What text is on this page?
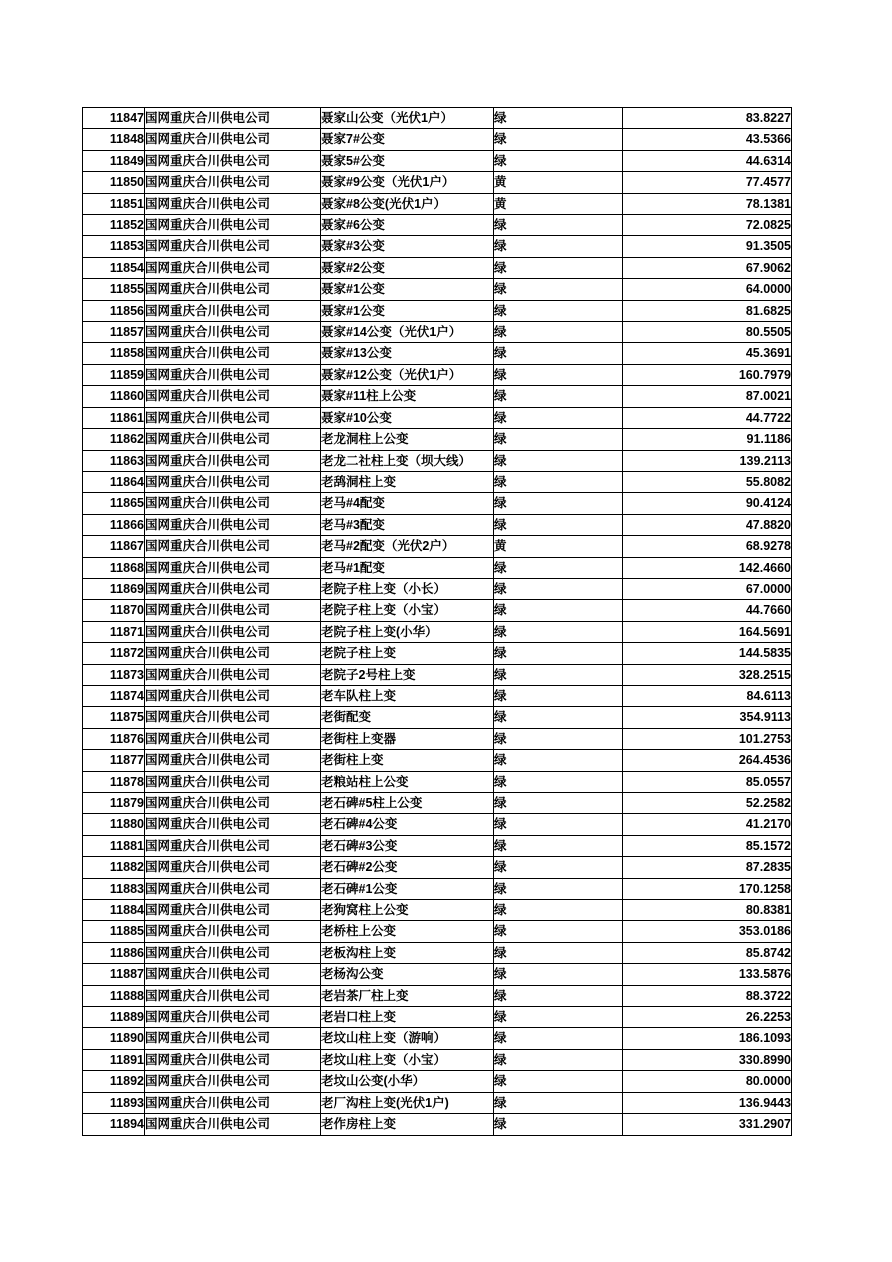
11847	国网重庆合川供电公司	聂家山公变（光伏1户）	绿	83.8227
11848	国网重庆合川供电公司	聂家7#公变	绿	43.5366
11849	国网重庆合川供电公司	聂家5#公变	绿	44.6314
11850	国网重庆合川供电公司	聂家#9公变（光伏1户）	黄	77.4577
11851	国网重庆合川供电公司	聂家#8公变(光伏1户）	黄	78.1381
11852	国网重庆合川供电公司	聂家#6公变	绿	72.0825
11853	国网重庆合川供电公司	聂家#3公变	绿	91.3505
11854	国网重庆合川供电公司	聂家#2公变	绿	67.9062
11855	国网重庆合川供电公司	聂家#1公变	绿	64.0000
11856	国网重庆合川供电公司	聂家#1公变	绿	81.6825
11857	国网重庆合川供电公司	聂家#14公变（光伏1户）	绿	80.5505
11858	国网重庆合川供电公司	聂家#13公变	绿	45.3691
11859	国网重庆合川供电公司	聂家#12公变（光伏1户）	绿	160.7979
11860	国网重庆合川供电公司	聂家#11柱上公变	绿	87.0021
11861	国网重庆合川供电公司	聂家#10公变	绿	44.7722
11862	国网重庆合川供电公司	老龙洞柱上公变	绿	91.1186
11863	国网重庆合川供电公司	老龙二社柱上变（坝大线）	绿	139.2113
11864	国网重庆合川供电公司	老鸹洞柱上变	绿	55.8082
11865	国网重庆合川供电公司	老马#4配变	绿	90.4124
11866	国网重庆合川供电公司	老马#3配变	绿	47.8820
11867	国网重庆合川供电公司	老马#2配变（光伏2户）	黄	68.9278
11868	国网重庆合川供电公司	老马#1配变	绿	142.4660
11869	国网重庆合川供电公司	老院子柱上变（小长）	绿	67.0000
11870	国网重庆合川供电公司	老院子柱上变（小宝）	绿	44.7660
11871	国网重庆合川供电公司	老院子柱上变(小华）	绿	164.5691
11872	国网重庆合川供电公司	老院子柱上变	绿	144.5835
11873	国网重庆合川供电公司	老院子2号柱上变	绿	328.2515
11874	国网重庆合川供电公司	老车队柱上变	绿	84.6113
11875	国网重庆合川供电公司	老街配变	绿	354.9113
11876	国网重庆合川供电公司	老街柱上变器	绿	101.2753
11877	国网重庆合川供电公司	老街柱上变	绿	264.4536
11878	国网重庆合川供电公司	老粮站柱上公变	绿	85.0557
11879	国网重庆合川供电公司	老石碑#5柱上公变	绿	52.2582
11880	国网重庆合川供电公司	老石碑#4公变	绿	41.2170
11881	国网重庆合川供电公司	老石碑#3公变	绿	85.1572
11882	国网重庆合川供电公司	老石碑#2公变	绿	87.2835
11883	国网重庆合川供电公司	老石碑#1公变	绿	170.1258
11884	国网重庆合川供电公司	老狗窝柱上公变	绿	80.8381
11885	国网重庆合川供电公司	老桥柱上公变	绿	353.0186
11886	国网重庆合川供电公司	老板沟柱上变	绿	85.8742
11887	国网重庆合川供电公司	老杨沟公变	绿	133.5876
11888	国网重庆合川供电公司	老岩茶厂柱上变	绿	88.3722
11889	国网重庆合川供电公司	老岩口柱上变	绿	26.2253
11890	国网重庆合川供电公司	老坟山柱上变（游响）	绿	186.1093
11891	国网重庆合川供电公司	老坟山柱上变（小宝）	绿	330.8990
11892	国网重庆合川供电公司	老坟山公变(小华）	绿	80.0000
11893	国网重庆合川供电公司	老厂沟柱上变(光伏1户)	绿	136.9443
11894	国网重庆合川供电公司	老作房柱上变	绿	331.2907
